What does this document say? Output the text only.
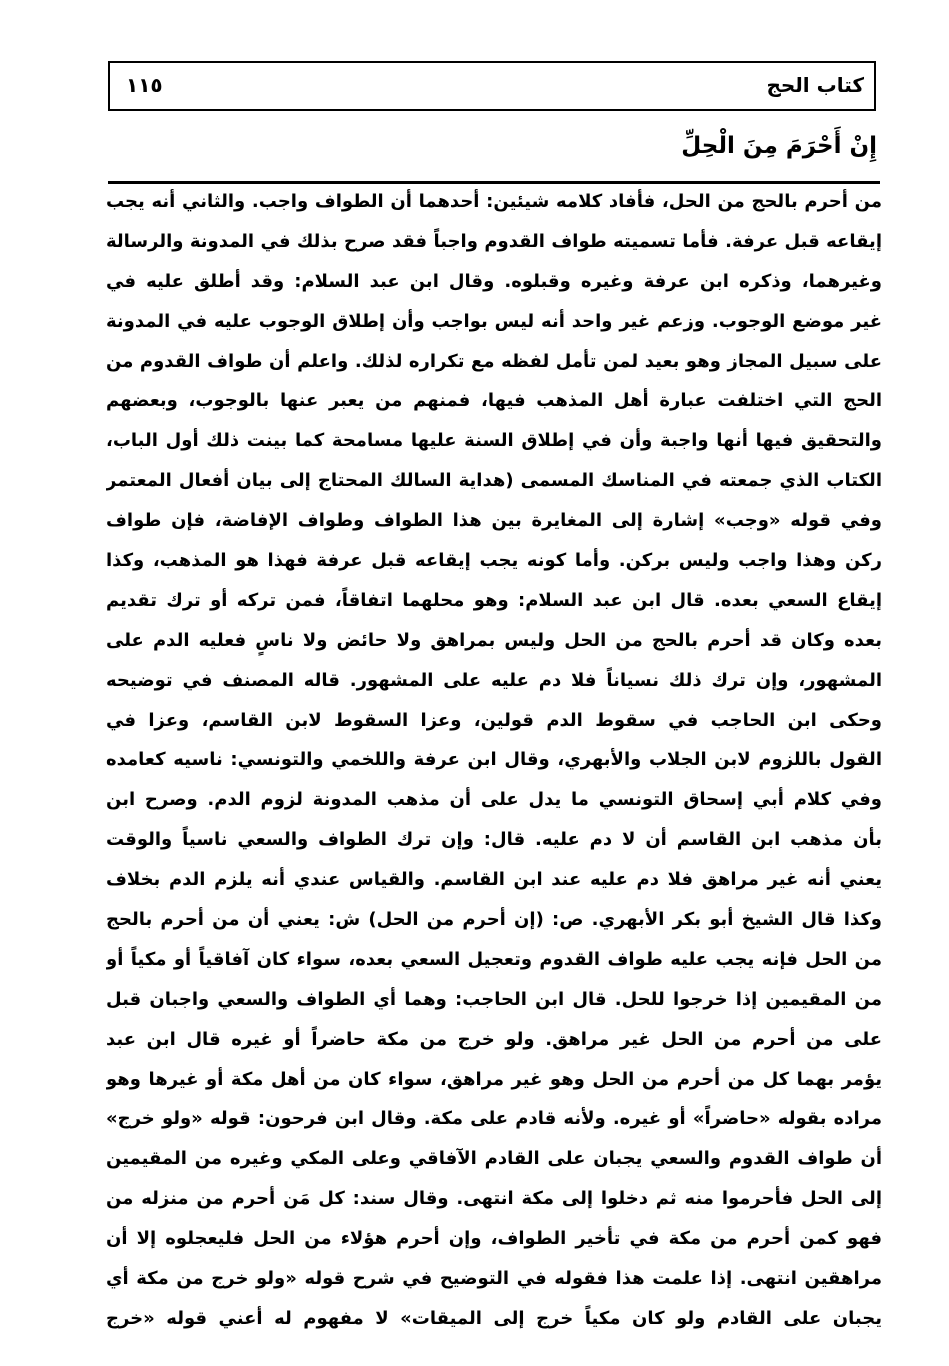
كتاب الحج
١١٥
إِنْ أَحْرَمَ مِنَ الْحِلِّ
من أحرم بالحج من الحل، فأفاد كلامه شيئين: أحدهما أن الطواف واجب. والثاني أنه يجب
إيقاعه قبل عرفة. فأما تسميته طواف القدوم واجباً فقد صرح بذلك في المدونة والرسالة
وغيرهما، وذكره ابن عرفة وغيره وقبلوه. وقال ابن عبد السلام: وقد أطلق عليه في
غير موضع الوجوب. وزعم غير واحد أنه ليس بواجب وأن إطلاق الوجوب عليه في المدونة
على سبيل المجاز وهو بعيد لمن تأمل لفظه مع تكراره لذلك. واعلم أن طواف القدوم من
الحج التي اختلفت عبارة أهل المذهب فيها، فمنهم من يعبر عنها بالوجوب، وبعضهم
والتحقيق فيها أنها واجبة وأن في إطلاق السنة عليها مسامحة كما بينت ذلك أول الباب،
الكتاب الذي جمعته في المناسك المسمى (هداية السالك المحتاج إلى بيان أفعال المعتمر
وفي قوله «وجب» إشارة إلى المغايرة بين هذا الطواف وطواف الإفاضة، فإن طواف
ركن وهذا واجب وليس بركن. وأما كونه يجب إيقاعه قبل عرفة فهذا هو المذهب، وكذا
إيقاع السعي بعده. قال ابن عبد السلام: وهو محلهما اتفاقاً، فمن تركه أو ترك تقديم
بعده وكان قد أحرم بالحج من الحل وليس بمراهق ولا حائض ولا ناسٍ فعليه الدم على
المشهور، وإن ترك ذلك نسياناً فلا دم عليه على المشهور. قاله المصنف في توضيحه
وحكى ابن الحاجب في سقوط الدم قولين، وعزا السقوط لابن القاسم، وعزا في
القول باللزوم لابن الجلاب والأبهري، وقال ابن عرفة واللخمي والتونسي: ناسيه كعامده
وفي كلام أبي إسحاق التونسي ما يدل على أن مذهب المدونة لزوم الدم. وصرح ابن
بأن مذهب ابن القاسم أن لا دم عليه. قال: وإن ترك الطواف والسعي ناسياً والوقت
يعني أنه غير مراهق فلا دم عليه عند ابن القاسم. والقياس عندي أنه يلزم الدم بخلاف
وكذا قال الشيخ أبو بكر الأبهري. ص: (إن أحرم من الحل) ش: يعني أن من أحرم بالحج
من الحل فإنه يجب عليه طواف القدوم وتعجيل السعي بعده، سواء كان آفاقياً أو مكياً أو
من المقيمين إذا خرجوا للحل. قال ابن الحاجب: وهما أي الطواف والسعي واجبان قبل
على من أحرم من الحل غير مراهق. ولو خرج من مكة حاضراً أو غيره قال ابن عبد
يؤمر بهما كل من أحرم من الحل وهو غير مراهق، سواء كان من أهل مكة أو غيرها وهو
مراده بقوله «حاضراً» أو غيره. ولأنه قادم على مكة. وقال ابن فرحون: قوله «ولو خرج»
أن طواف القدوم والسعي يجبان على القادم الآفاقي وعلى المكي وغيره من المقيمين
إلى الحل فأحرموا منه ثم دخلوا إلى مكة انتهى. وقال سند: كل مَن أحرم من منزله من
فهو كمن أحرم من مكة في تأخير الطواف، وإن أحرم هؤلاء من الحل فليعجلوه إلا أن
مراهقين انتهى. إذا علمت هذا فقوله في التوضيح في شرح قوله «ولو خرج من مكة أي
يجبان على القادم ولو كان مكياً خرج إلى الميقات» لا مفهوم له أعني قوله «خرج
